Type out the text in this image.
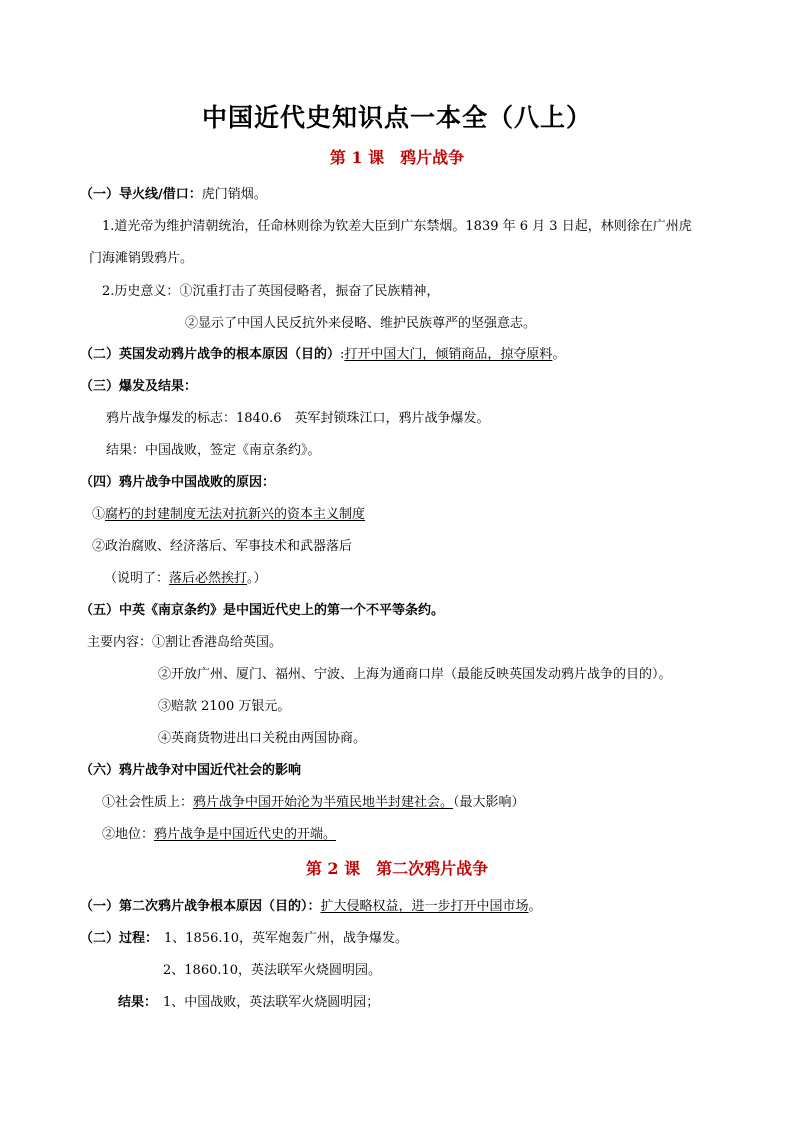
中国近代史知识点一本全（八上）
第 1 课　鸦片战争
（一）导火线/借口：虎门销烟。
1.道光帝为维护清朝统治，任命林则徐为钦差大臣到广东禁烟。1839 年 6 月 3 日起，林则徐在广州虎
门海滩销毁鸦片。
2.历史意义：①沉重打击了英国侵略者，振奋了民族精神，
②显示了中国人民反抗外来侵略、维护民族尊严的坚强意志。
（二）英国发动鸦片战争的根本原因（目的）:打开中国大门，倾销商品，掠夺原料。
（三）爆发及结果：
鸦片战争爆发的标志：1840.6　英军封锁珠江口，鸦片战争爆发。
结果：中国战败，签定《南京条约》。
（四）鸦片战争中国战败的原因：
①腐朽的封建制度无法对抗新兴的资本主义制度
②政治腐败、经济落后、军事技术和武器落后
（说明了：落后必然挨打。）
（五）中英《南京条约》是中国近代史上的第一个不平等条约。
主要内容：①割让香港岛给英国。
②开放广州、厦门、福州、宁波、上海为通商口岸（最能反映英国发动鸦片战争的目的）。
③赔款 2100 万银元。
④英商货物进出口关税由两国协商。
（六）鸦片战争对中国近代社会的影响
①社会性质上：鸦片战争中国开始沦为半殖民地半封建社会。（最大影响）
②地位：鸦片战争是中国近代史的开端。
第 2 课　第二次鸦片战争
（一）第二次鸦片战争根本原因（目的）：扩大侵略权益，进一步打开中国市场。
（二）过程： 1、1856.10，英军炮轰广州，战争爆发。
2、1860.10，英法联军火烧圆明园。
结果： 1、中国战败，英法联军火烧圆明园；
